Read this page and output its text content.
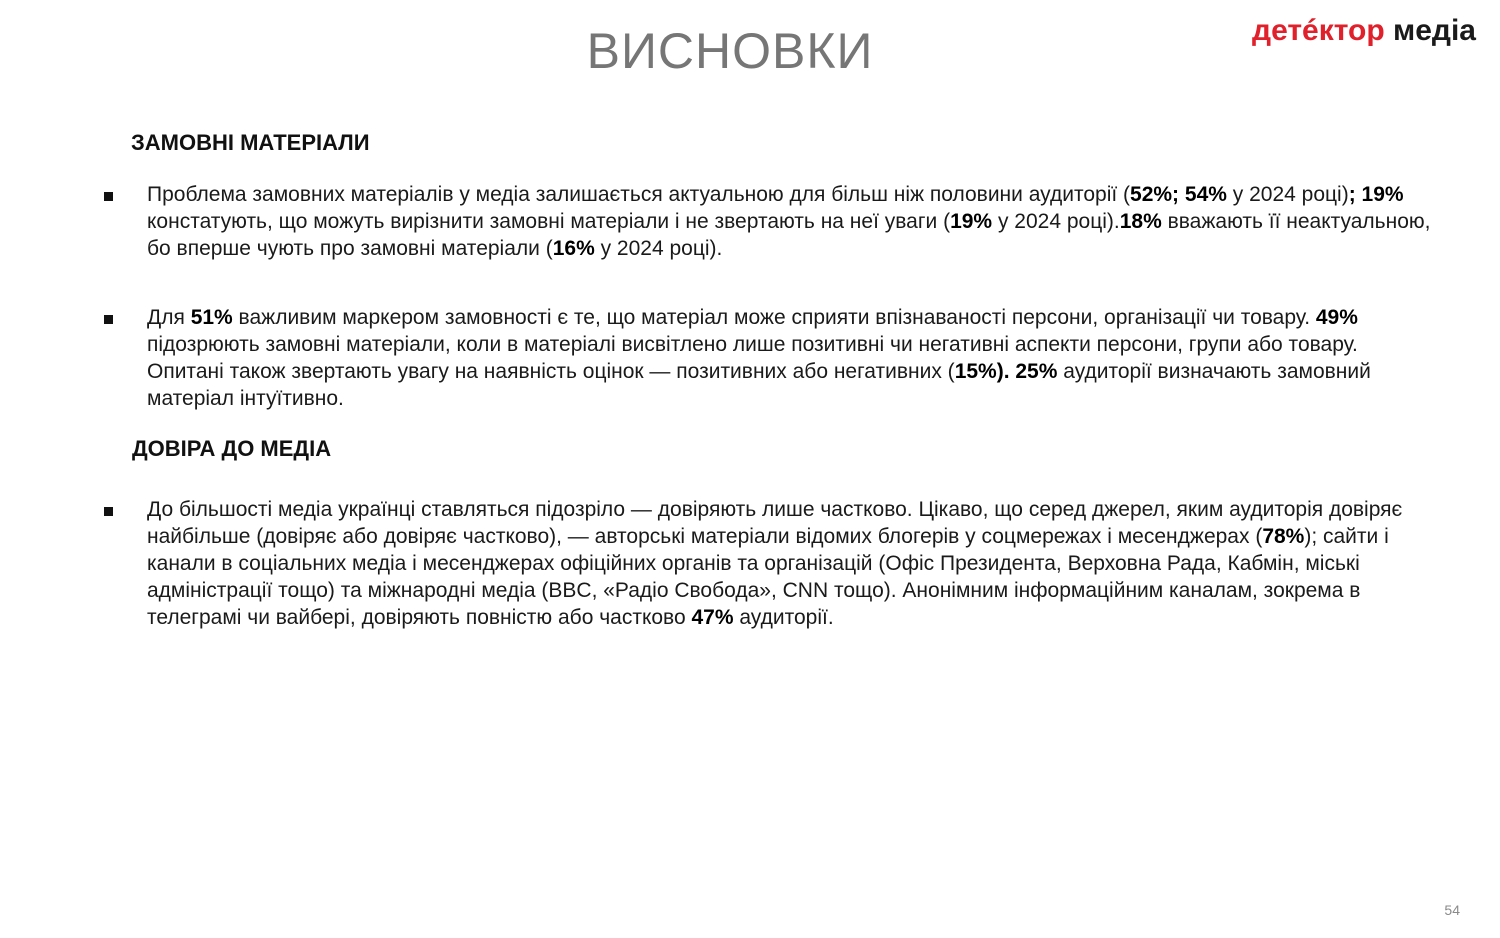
ВИСНОВКИ	детéктор медіа
ЗАМОВНІ МАТЕРІАЛИ
Проблема замовних матеріалів у медіа залишається актуальною для більш ніж половини аудиторії (52%; 54% у 2024 році); 19% констатують, що можуть вирізнити замовні матеріали і не звертають на неї уваги (19% у 2024 році).18% вважають її неактуальною, бо вперше чують про замовні матеріали (16% у 2024 році).
Для 51% важливим маркером замовності є те, що матеріал може сприяти впізнаваності персони, організації чи товару. 49% підозрюють замовні матеріали, коли в матеріалі висвітлено лише позитивні чи негативні аспекти персони, групи або товару. Опитані також звертають увагу на наявність оцінок — позитивних або негативних (15%). 25% аудиторії визначають замовний матеріал інтуїтивно.
ДОВІРА ДО МЕДІА
До більшості медіа українці ставляться підозріло — довіряють лише частково. Цікаво, що серед джерел, яким аудиторія довіряє найбільше (довіряє або довіряє частково), — авторські матеріали відомих блогерів у соцмережах і месенджерах (78%); сайти і канали в соціальних медіа і месенджерах офіційних органів та організацій (Офіс Президента, Верховна Рада, Кабмін, міські адміністрації тощо) та міжнародні медіа (BBC, «Радіо Свобода», CNN тощо). Анонімним інформаційним каналам, зокрема в телеграмі чи вайбері, довіряють повністю або частково 47% аудиторії.
54
